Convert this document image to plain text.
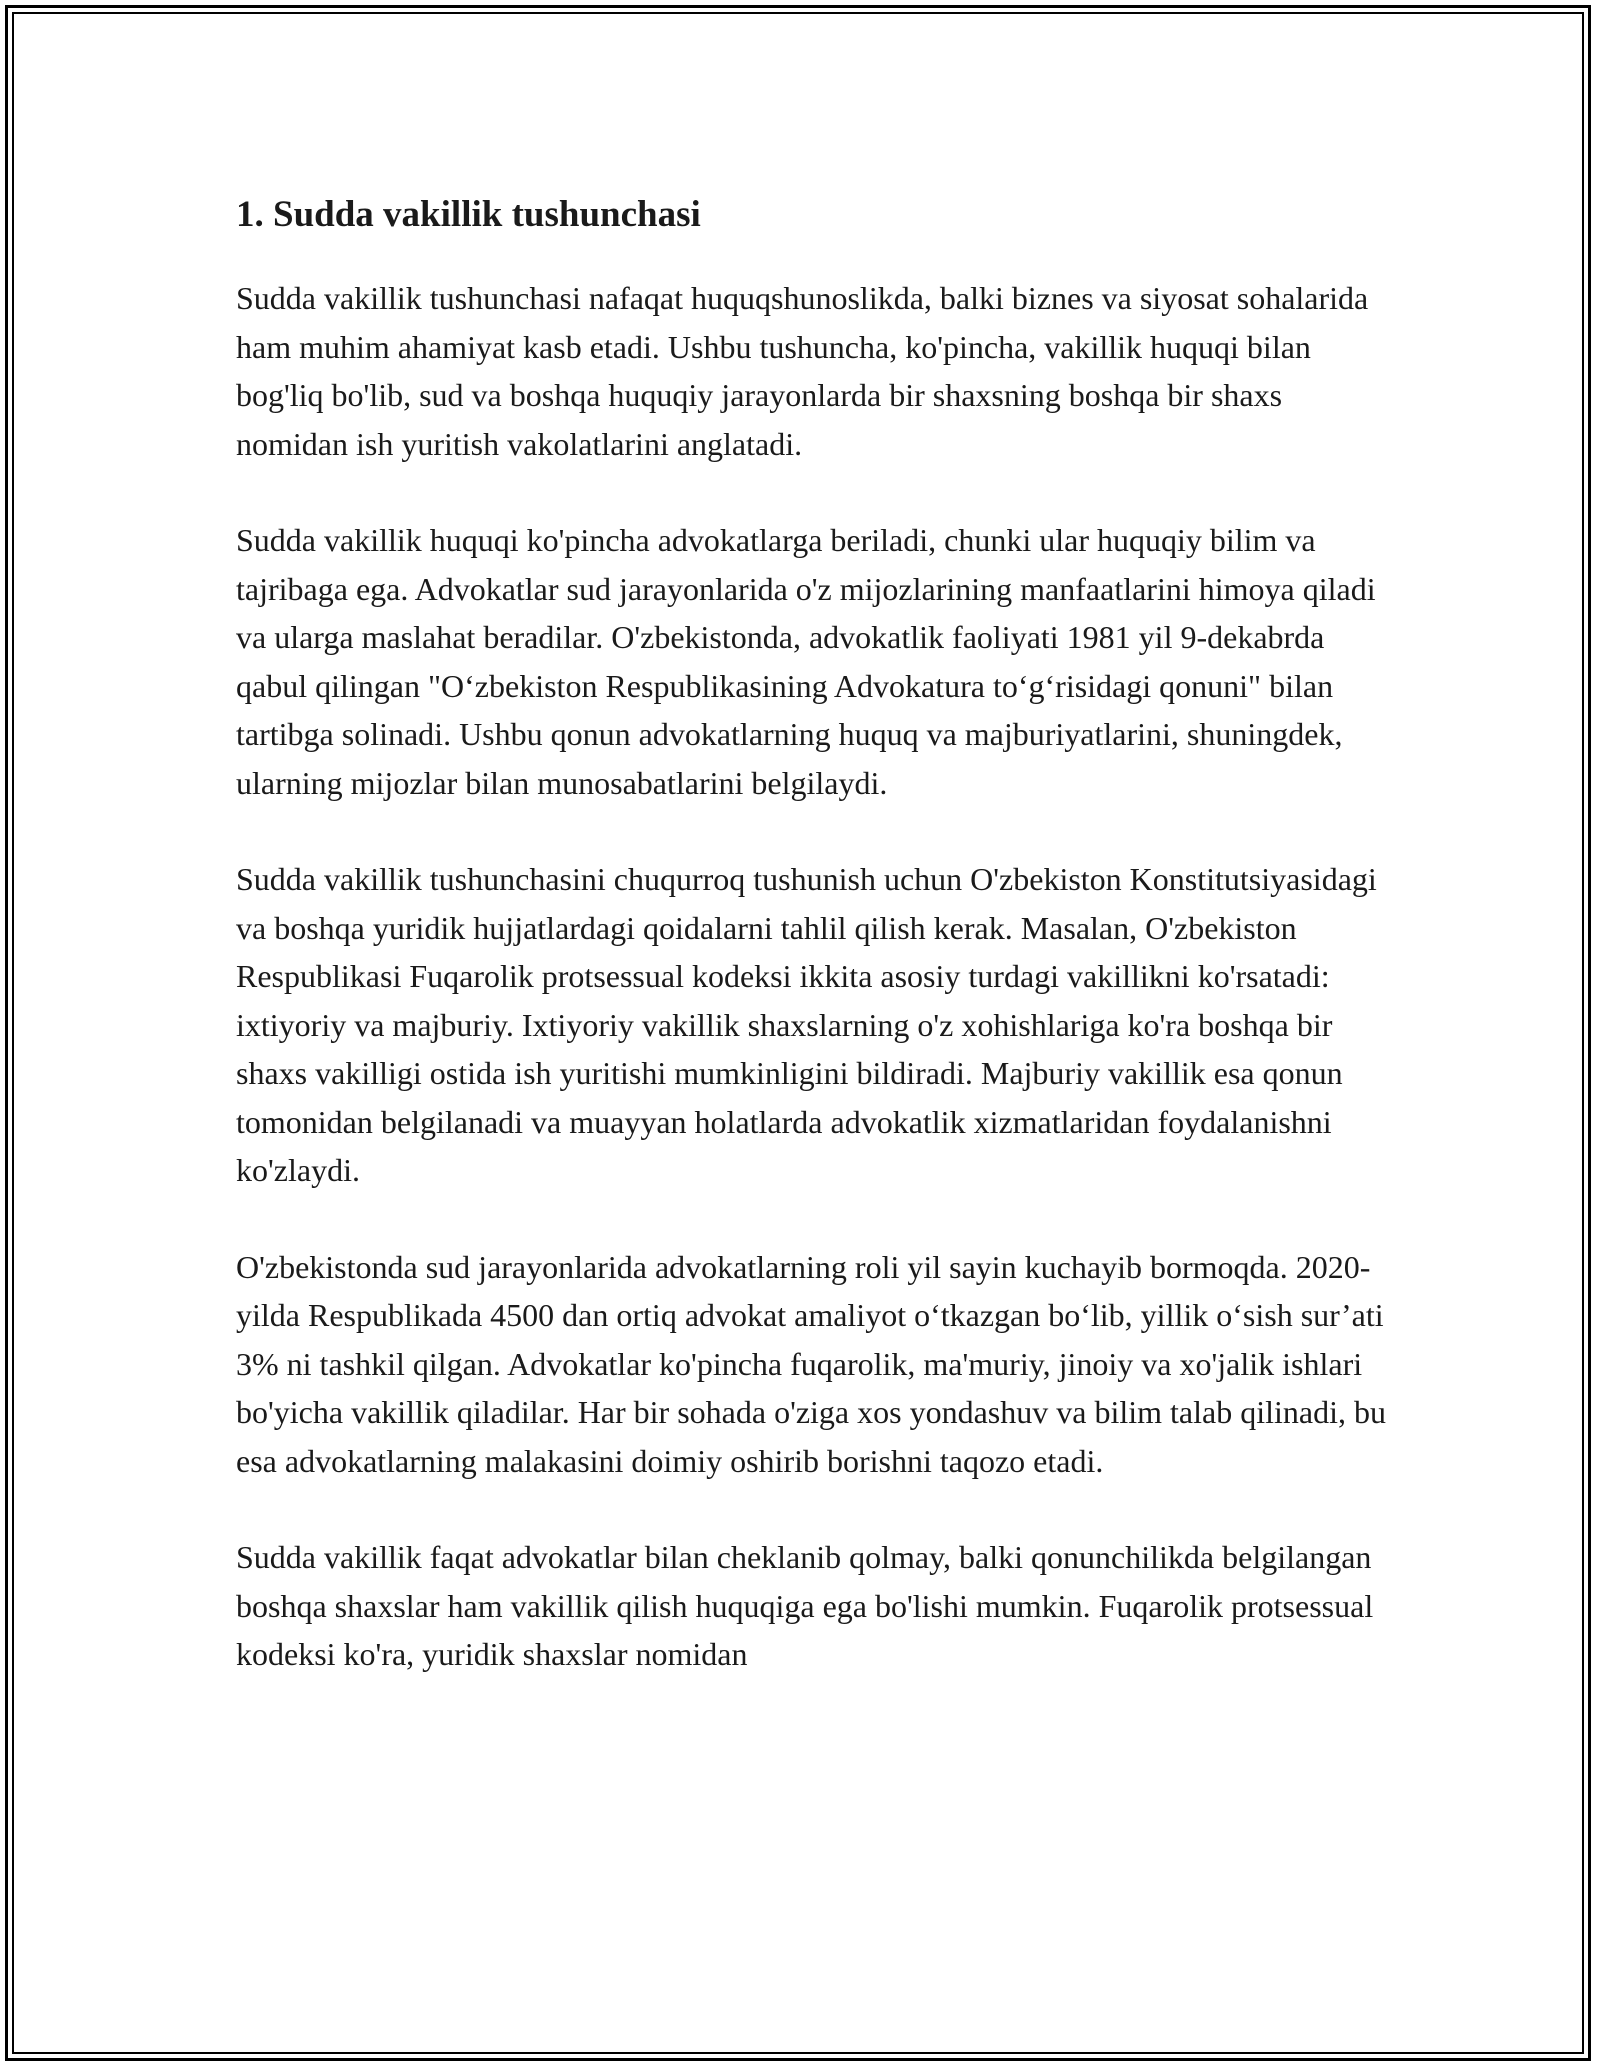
1. Sudda vakillik tushunchasi

Sudda vakillik tushunchasi nafaqat huquqshunoslikda, balki biznes va siyosat sohalarida ham muhim ahamiyat kasb etadi. Ushbu tushuncha, ko'pincha, vakillik huquqi bilan bog'liq bo'lib, sud va boshqa huquqiy jarayonlarda bir shaxsning boshqa bir shaxs nomidan ish yuritish vakolatlarini anglatadi.

Sudda vakillik huquqi ko'pincha advokatlarga beriladi, chunki ular huquqiy bilim va tajribaga ega. Advokatlar sud jarayonlarida o'z mijozlarining manfaatlarini himoya qiladi va ularga maslahat beradilar. O'zbekistonda, advokatlik faoliyati 1981 yil 9-dekabrda qabul qilingan "O‘zbekiston Respublikasining Advokatura to‘g‘risidagi qonuni" bilan tartibga solinadi. Ushbu qonun advokatlarning huquq va majburiyatlarini, shuningdek, ularning mijozlar bilan munosabatlarini belgilaydi.

Sudda vakillik tushunchasini chuqurroq tushunish uchun O'zbekiston Konstitutsiyasidagi va boshqa yuridik hujjatlardagi qoidalarni tahlil qilish kerak. Masalan, O'zbekiston Respublikasi Fuqarolik protsessual kodeksi ikkita asosiy turdagi vakillikni ko'rsatadi: ixtiyoriy va majburiy. Ixtiyoriy vakillik shaxslarning o'z xohishlariga ko'ra boshqa bir shaxs vakilligi ostida ish yuritishi mumkinligini bildiradi. Majburiy vakillik esa qonun tomonidan belgilanadi va muayyan holatlarda advokatlik xizmatlaridan foydalanishni ko'zlaydi.

O'zbekistonda sud jarayonlarida advokatlarning roli yil sayin kuchayib bormoqda. 2020-yilda Respublikada 4500 dan ortiq advokat amaliyot o‘tkazgan bo‘lib, yillik o‘sish sur’ati 3% ni tashkil qilgan. Advokatlar ko'pincha fuqarolik, ma'muriy, jinoiy va xo'jalik ishlari bo'yicha vakillik qiladilar. Har bir sohada o'ziga xos yondashuv va bilim talab qilinadi, bu esa advokatlarning malakasini doimiy oshirib borishni taqozo etadi.

Sudda vakillik faqat advokatlar bilan cheklanib qolmay, balki qonunchilikda belgilangan boshqa shaxslar ham vakillik qilish huquqiga ega bo'lishi mumkin. Fuqarolik protsessual kodeksi ko'ra, yuridik shaxslar nomidan
